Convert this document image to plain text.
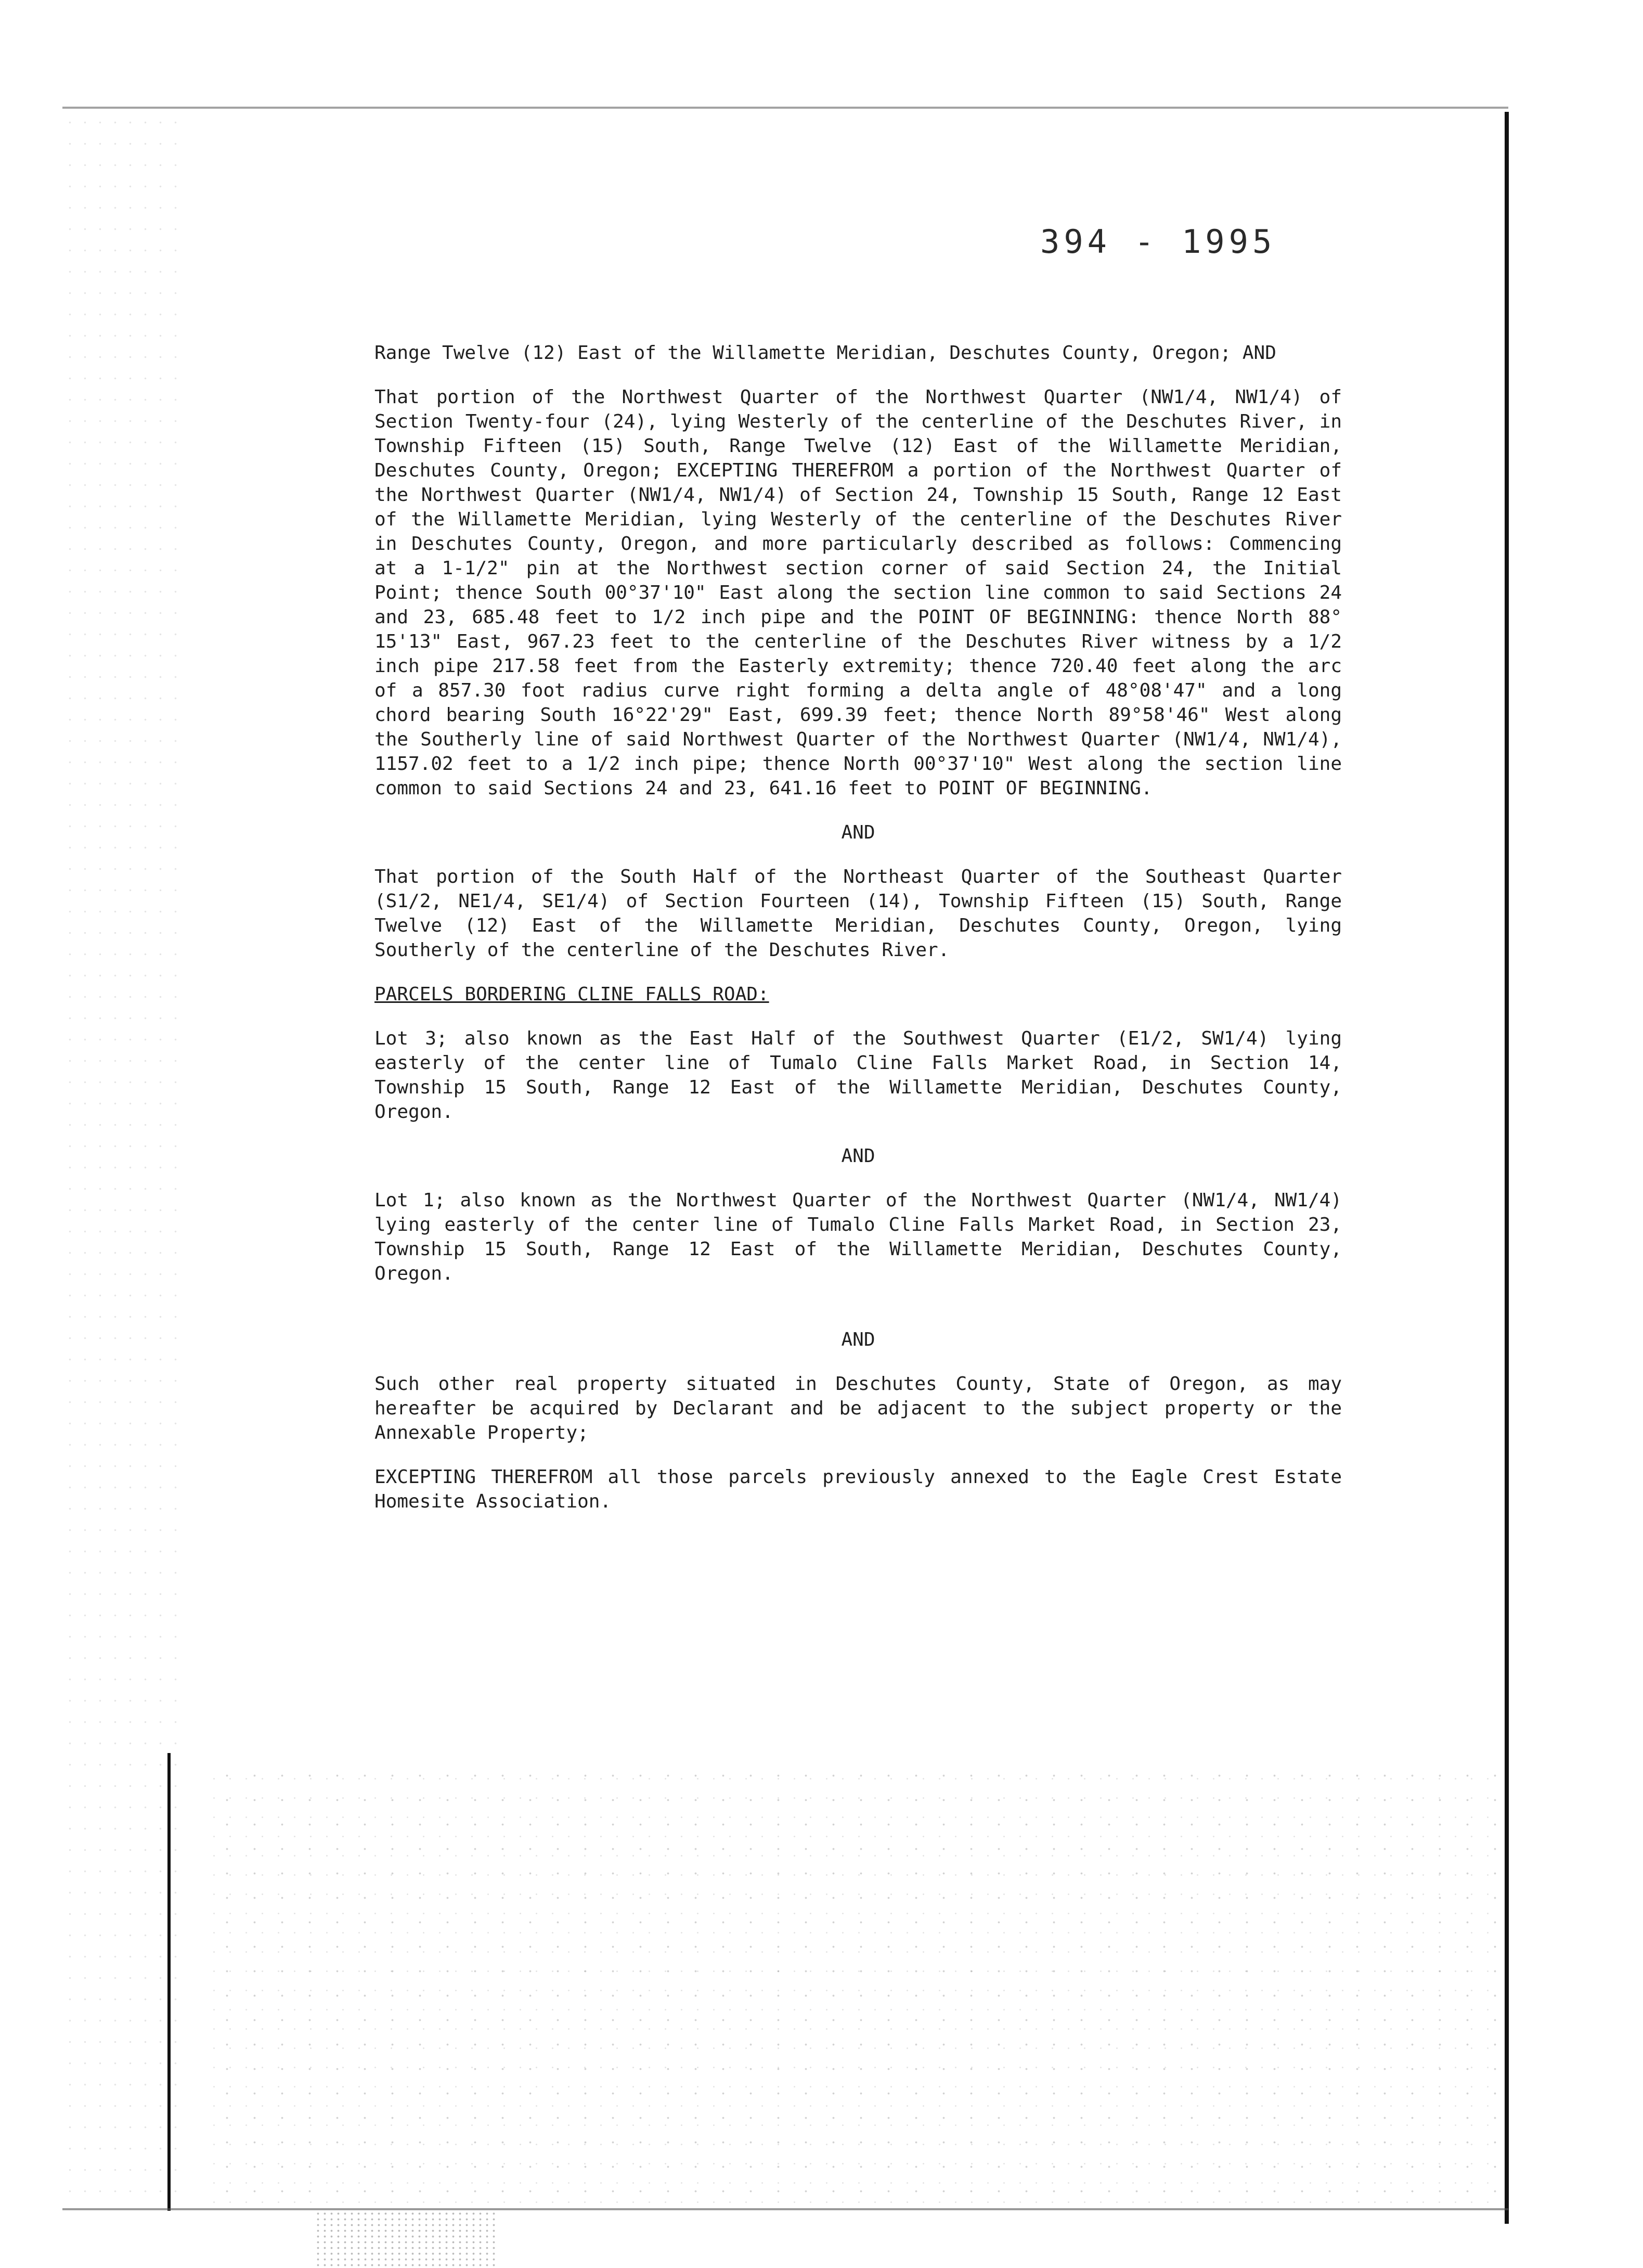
394 - 1995

Range Twelve (12) East of the Willamette Meridian, Deschutes County, Oregon; AND

That portion of the Northwest Quarter of the Northwest Quarter (NW1/4, NW1/4) of Section Twenty-four (24), lying Westerly of the centerline of the Deschutes River, in Township Fifteen (15) South, Range Twelve (12) East of the Willamette Meridian, Deschutes County, Oregon; EXCEPTING THEREFROM a portion of the Northwest Quarter of the Northwest Quarter (NW1/4, NW1/4) of Section 24, Township 15 South, Range 12 East of the Willamette Meridian, lying Westerly of the centerline of the Deschutes River in Deschutes County, Oregon, and more particularly described as follows: Commencing at a 1-1/2" pin at the Northwest section corner of said Section 24, the Initial Point; thence South 00°37'10" East along the section line common to said Sections 24 and 23, 685.48 feet to 1/2 inch pipe and the POINT OF BEGINNING: thence North 88° 15'13" East, 967.23 feet to the centerline of the Deschutes River witness by a 1/2 inch pipe 217.58 feet from the Easterly extremity; thence 720.40 feet along the arc of a 857.30 foot radius curve right forming a delta angle of 48°08'47" and a long chord bearing South 16°22'29" East, 699.39 feet; thence North 89°58'46" West along the Southerly line of said Northwest Quarter of the Northwest Quarter (NW1/4, NW1/4), 1157.02 feet to a 1/2 inch pipe; thence North 00°37'10" West along the section line common to said Sections 24 and 23, 641.16 feet to POINT OF BEGINNING.

AND

That portion of the South Half of the Northeast Quarter of the Southeast Quarter (S1/2, NE1/4, SE1/4) of Section Fourteen (14), Township Fifteen (15) South, Range Twelve (12) East of the Willamette Meridian, Deschutes County, Oregon, lying Southerly of the centerline of the Deschutes River.

PARCELS BORDERING CLINE FALLS ROAD:

Lot 3; also known as the East Half of the Southwest Quarter (E1/2, SW1/4) lying easterly of the center line of Tumalo Cline Falls Market Road, in Section 14, Township 15 South, Range 12 East of the Willamette Meridian, Deschutes County, Oregon.

AND

Lot 1; also known as the Northwest Quarter of the Northwest Quarter (NW1/4, NW1/4) lying easterly of the center line of Tumalo Cline Falls Market Road, in Section 23, Township 15 South, Range 12 East of the Willamette Meridian, Deschutes County, Oregon.

AND

Such other real property situated in Deschutes County, State of Oregon, as may hereafter be acquired by Declarant and be adjacent to the subject property or the Annexable Property;

EXCEPTING THEREFROM all those parcels previously annexed to the Eagle Crest Estate Homesite Association.
